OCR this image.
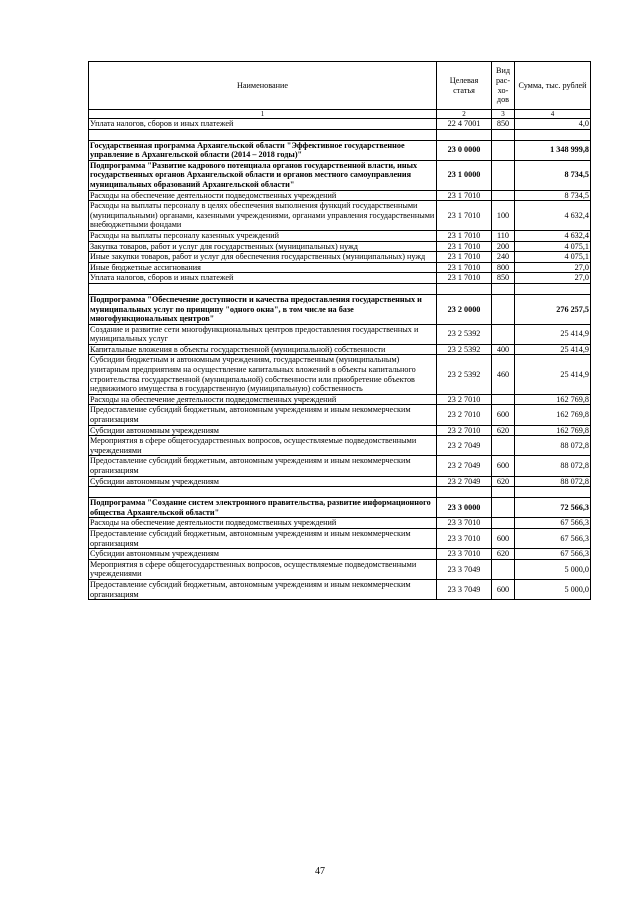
Наименование	Целевая статья	Вид рас-хо-дов	Сумма, тыс. рублей
1	2	3	4
Уплата налогов, сборов и иных платежей	22 4 7001	850	4,0

Государственная программа Архангельской области "Эффективное государственное управление в Архангельской области (2014 – 2018 годы)"	23 0 0000		1 348 999,8
Подпрограмма "Развитие кадрового потенциала органов государственной власти, иных государственных органов Архангельской области и органов местного самоуправления муниципальных образований Архангельской области"	23 1 0000		8 734,5
Расходы на обеспечение деятельности подведомственных учреждений	23 1 7010		8 734,5
Расходы на выплаты персоналу в целях обеспечения выполнения функций государственными (муниципальными) органами, казенными учреждениями, органами управления государственными внебюджетными фондами	23 1 7010	100	4 632,4
Расходы на выплаты персоналу казенных учреждений	23 1 7010	110	4 632,4
Закупка товаров, работ и услуг для государственных (муниципальных) нужд	23 1 7010	200	4 075,1
Иные закупки товаров, работ и услуг для обеспечения государственных (муниципальных) нужд	23 1 7010	240	4 075,1
Иные бюджетные ассигнования	23 1 7010	800	27,0
Уплата налогов, сборов и иных платежей	23 1 7010	850	27,0

Подпрограмма "Обеспечение доступности и качества предоставления государственных и муниципальных услуг по принципу "одного окна", в том числе на базе многофункциональных центров"	23 2 0000		276 257,5
Создание и развитие сети многофункциональных центров предоставления государственных и муниципальных услуг	23 2 5392		25 414,9
Капитальные вложения в объекты государственной (муниципальной) собственности	23 2 5392	400	25 414,9
Субсидии бюджетным и автономным учреждениям, государственным (муниципальным) унитарным предприятиям на осуществление капитальных вложений в объекты капитального строительства государственной (муниципальной) собственности или приобретение объектов недвижимого имущества в государственную (муниципальную) собственность	23 2 5392	460	25 414,9
Расходы на обеспечение деятельности подведомственных учреждений	23 2 7010		162 769,8
Предоставление субсидий бюджетным, автономным учреждениям и иным некоммерческим организациям	23 2 7010	600	162 769,8
Субсидии автономным учреждениям	23 2 7010	620	162 769,8
Мероприятия в сфере общегосударственных вопросов, осуществляемые подведомственными учреждениями	23 2 7049		88 072,8
Предоставление субсидий бюджетным, автономным учреждениям и иным некоммерческим организациям	23 2 7049	600	88 072,8
Субсидии автономным учреждениям	23 2 7049	620	88 072,8

Подпрограмма "Создание систем электронного правительства, развитие информационного общества Архангельской области"	23 3 0000		72 566,3
Расходы на обеспечение деятельности подведомственных учреждений	23 3 7010		67 566,3
Предоставление субсидий бюджетным, автономным учреждениям и иным некоммерческим организациям	23 3 7010	600	67 566,3
Субсидии автономным учреждениям	23 3 7010	620	67 566,3
Мероприятия в сфере общегосударственных вопросов, осуществляемые подведомственными учреждениями	23 3 7049		5 000,0
Предоставление субсидий бюджетным, автономным учреждениям и иным некоммерческим организациям	23 3 7049	600	5 000,0
47
